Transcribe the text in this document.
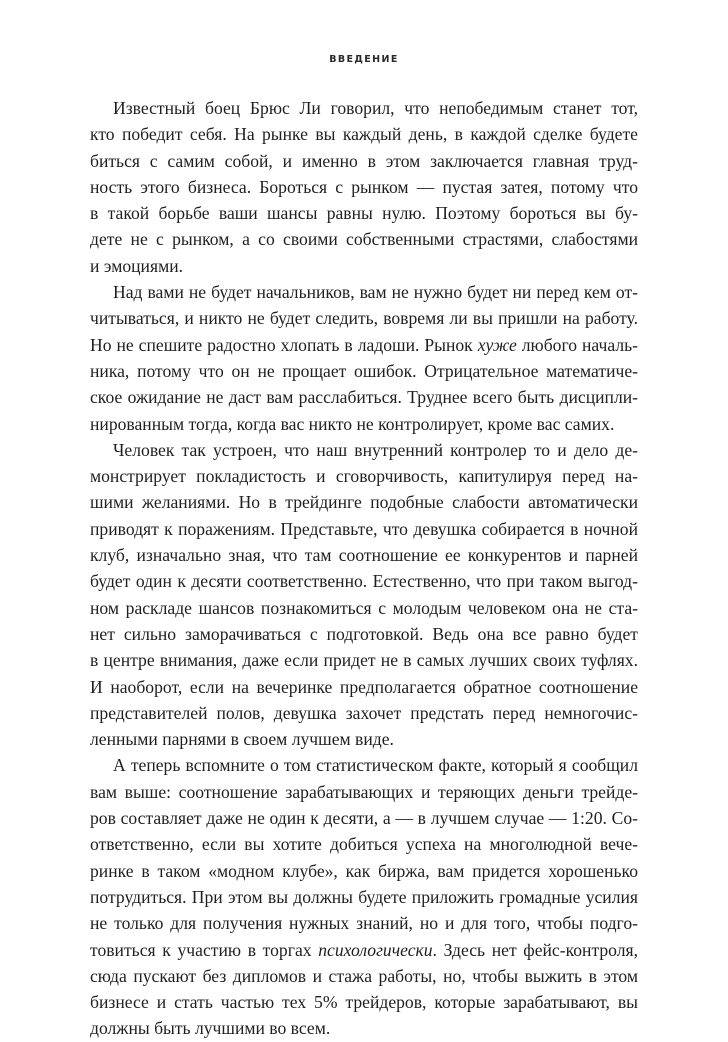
ВВЕДЕНИЕ
Известный боец Брюс Ли говорил, что непобедимым станет тот,
кто победит себя. На рынке вы каждый день, в каждой сделке будете
биться с самим собой, и именно в этом заключается главная труд-
ность этого бизнеса. Бороться с рынком — пустая затея, потому что
в такой борьбе ваши шансы равны нулю. Поэтому бороться вы бу-
дете не с рынком, а со своими собственными страстями, слабостями
и эмоциями.
Над вами не будет начальников, вам не нужно будет ни перед кем от-
читываться, и никто не будет следить, вовремя ли вы пришли на работу.
Но не спешите радостно хлопать в ладоши. Рынок хуже любого началь-
ника, потому что он не прощает ошибок. Отрицательное математиче-
ское ожидание не даст вам расслабиться. Труднее всего быть дисципли-
нированным тогда, когда вас никто не контролирует, кроме вас самих.
Человек так устроен, что наш внутренний контролер то и дело де-
монстрирует покладистость и сговорчивость, капитулируя перед на-
шими желаниями. Но в трейдинге подобные слабости автоматически
приводят к поражениям. Представьте, что девушка собирается в ночной
клуб, изначально зная, что там соотношение ее конкурентов и парней
будет один к десяти соответственно. Естественно, что при таком выгод-
ном раскладе шансов познакомиться с молодым человеком она не ста-
нет сильно заморачиваться с подготовкой. Ведь она все равно будет
в центре внимания, даже если придет не в самых лучших своих туфлях.
И наоборот, если на вечеринке предполагается обратное соотношение
представителей полов, девушка захочет предстать перед немногочис-
ленными парнями в своем лучшем виде.
А теперь вспомните о том статистическом факте, который я сообщил
вам выше: соотношение зарабатывающих и теряющих деньги трейде-
ров составляет даже не один к десяти, а — в лучшем случае — 1:20. Со-
ответственно, если вы хотите добиться успеха на многолюдной вече-
ринке в таком «модном клубе», как биржа, вам придется хорошенько
потрудиться. При этом вы должны будете приложить громадные усилия
не только для получения нужных знаний, но и для того, чтобы подго-
товиться к участию в торгах психологически. Здесь нет фейс-контроля,
сюда пускают без дипломов и стажа работы, но, чтобы выжить в этом
бизнесе и стать частью тех 5% трейдеров, которые зарабатывают, вы
должны быть лучшими во всем.
